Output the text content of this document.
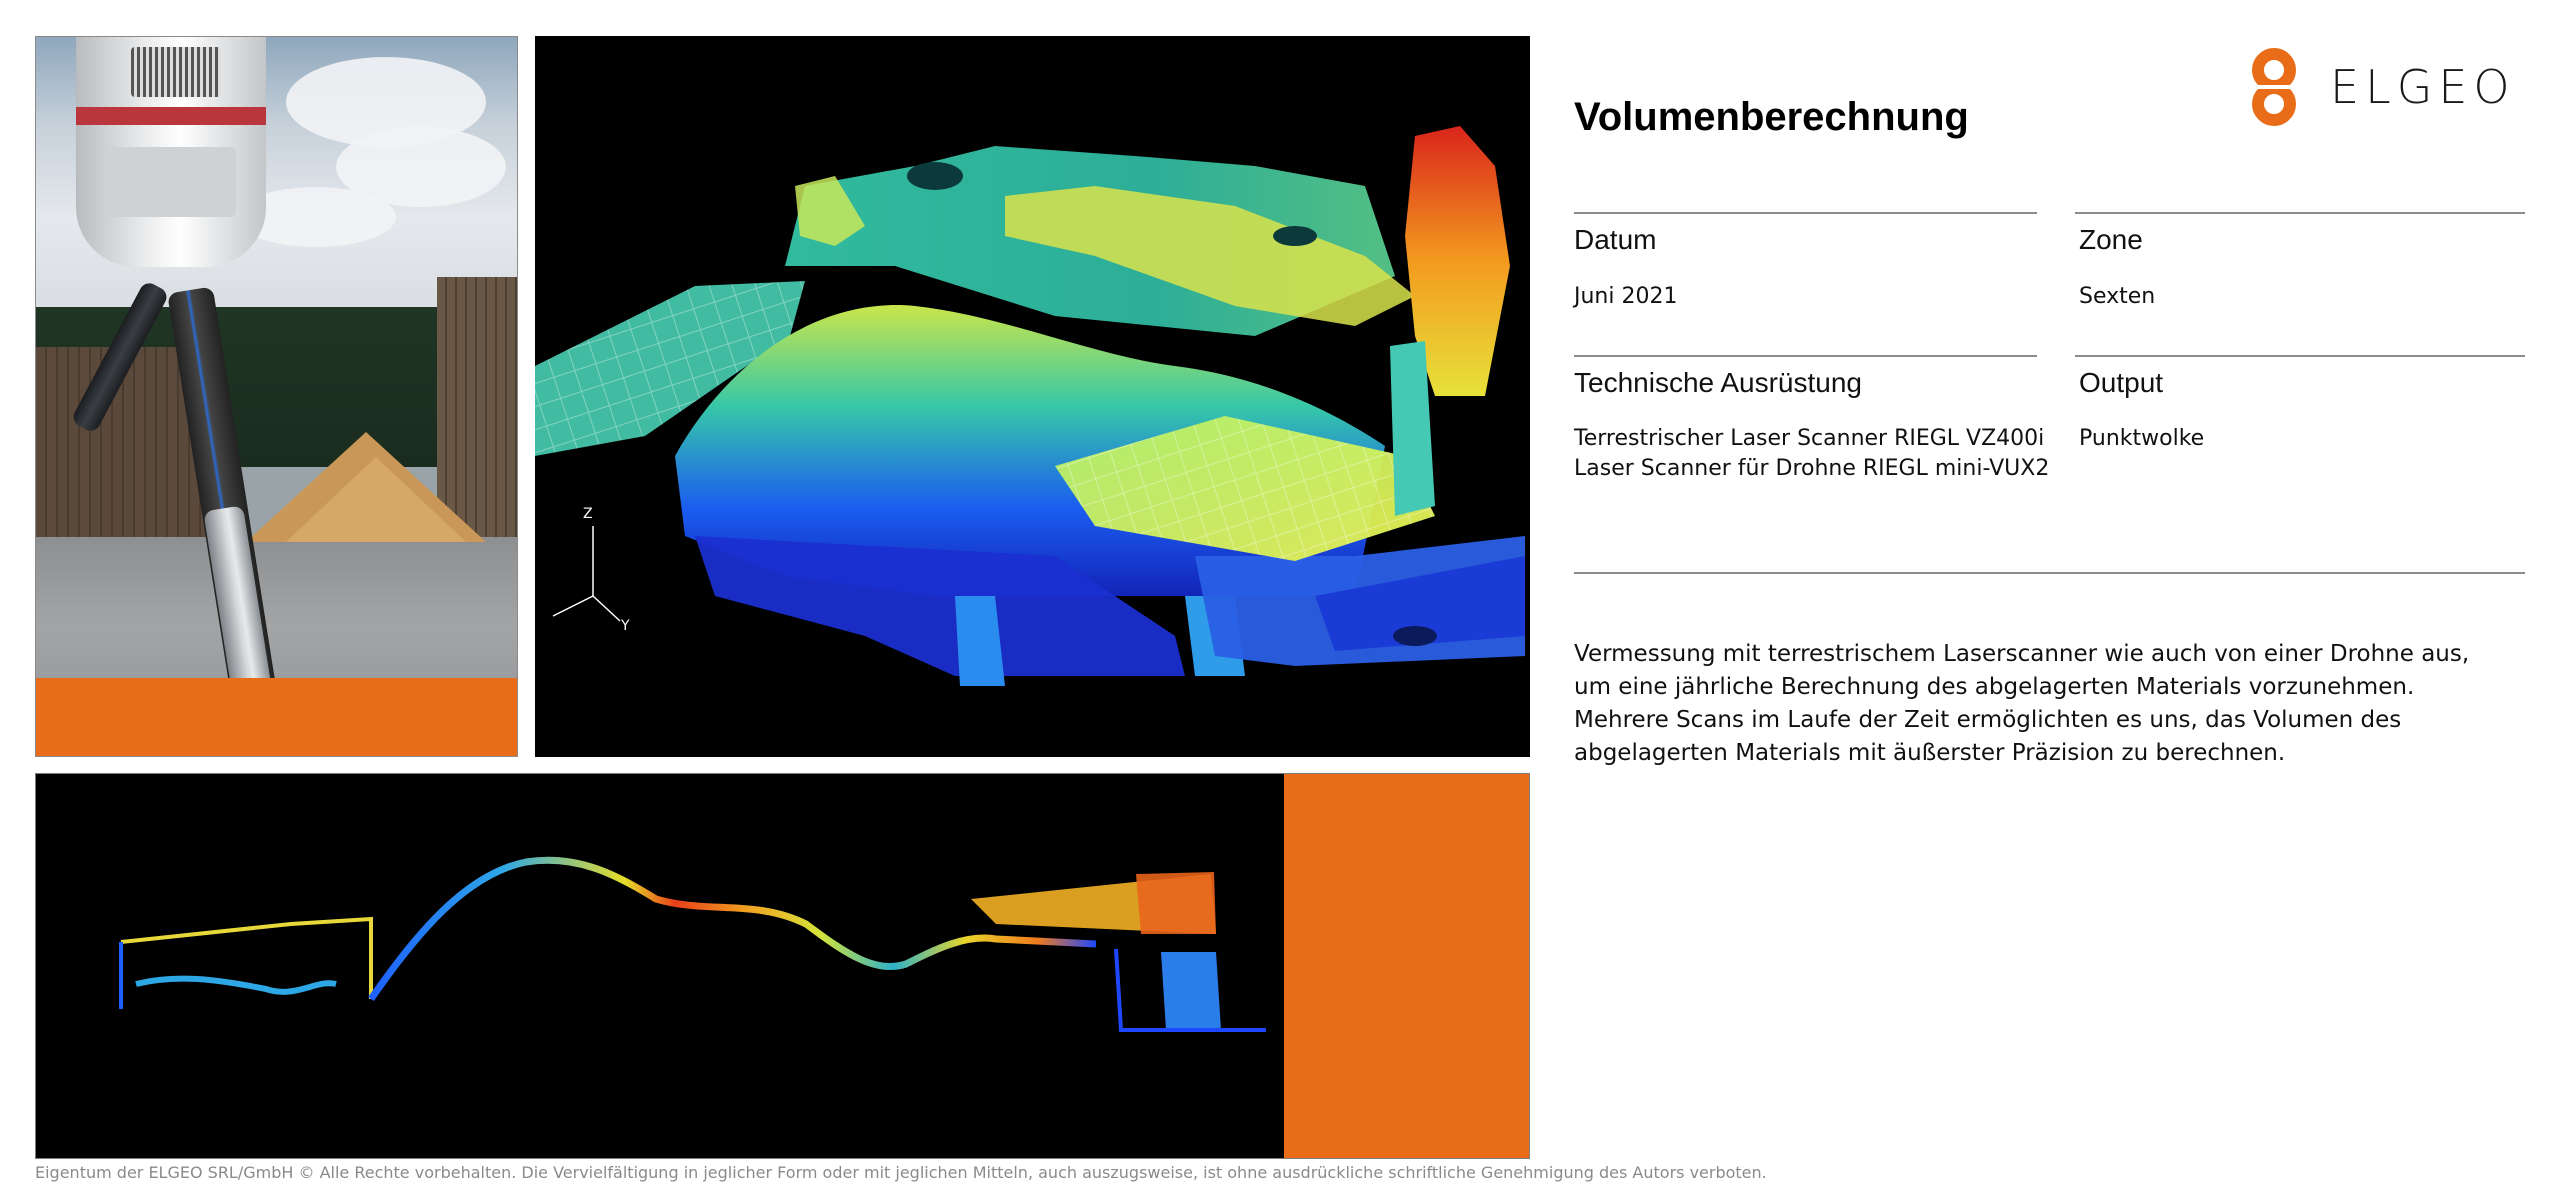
Z
Y
ELGEO
Volumenberechnung
Datum
Juni 2021
Zone
Sexten
Technische Ausrüstung
Terrestrischer Laser Scanner RIEGL VZ400i
Laser Scanner für Drohne RIEGL mini-VUX2
Output
Punktwolke
Vermessung mit terrestrischem Laserscanner wie auch von einer Drohne aus,
um eine jährliche Berechnung des abgelagerten Materials vorzunehmen.
Mehrere Scans im Laufe der Zeit ermöglichten es uns, das Volumen des
abgelagerten Materials mit äußerster Präzision zu berechnen.
Eigentum der ELGEO SRL/GmbH © Alle Rechte vorbehalten. Die Vervielfältigung in jeglicher Form oder mit jeglichen Mitteln, auch auszugsweise, ist ohne ausdrückliche schriftliche Genehmigung des Autors verboten.
